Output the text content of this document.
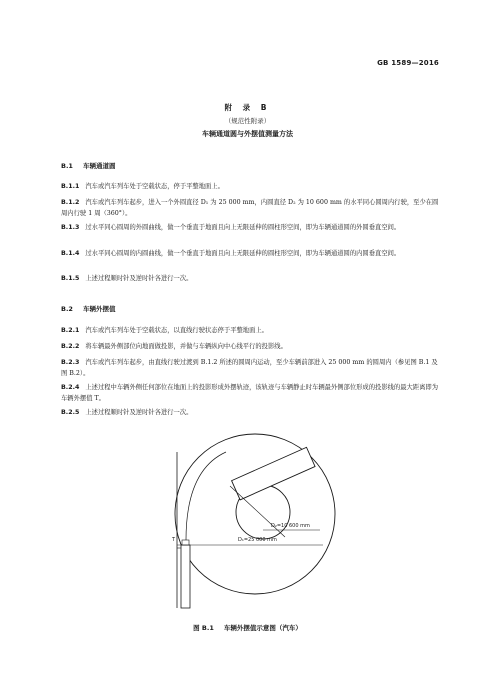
GB 1589—2016
附 录 B
（规范性附录）
车辆通道圆与外摆值测量方法
B.1 车辆通道圆
B.1.1 汽车或汽车列车处于空载状态，停于平整地面上。
B.1.2 汽车或汽车列车起步，进入一个外圆直径 D₁ 为 25 000 mm，内圆直径 D₂ 为 10 600 mm 的水平同心圆周内行驶，至少在圆周内行驶 1 周（360°）。
B.1.3 过水平同心圆周的外圆曲线，做一个垂直于地面且向上无限延伸的圆柱形空间，即为车辆通道圆的外圆垂直空间。
B.1.4 过水平同心圆周的内圆曲线，做一个垂直于地面且向上无限延伸的圆柱形空间，即为车辆通道圆的内圆垂直空间。
B.1.5 上述过程顺时针及逆时针各进行一次。
B.2 车辆外摆值
B.2.1 汽车或汽车列车处于空载状态，以直线行驶状态停于平整地面上。
B.2.2 将车辆最外侧部位向地面做投影，并做与车辆纵向中心线平行的投影线。
B.2.3 汽车或汽车列车起步，由直线行驶过渡到 B.1.2 所述的圆周内运动，至少车辆前部进入 25 000 mm 的圆周内（参见图 B.1 及图 B.2）。
B.2.4 上述过程中车辆外侧任何部位在地面上的投影形成外摆轨迹，该轨迹与车辆静止时车辆最外侧部位形成的投影线的最大距离即为车辆外摆值 T。
B.2.5 上述过程顺时针及逆时针各进行一次。
T
D₂=10 600 mm
D₁=25 000 mm
图 B.1 车辆外摆值示意图（汽车）
